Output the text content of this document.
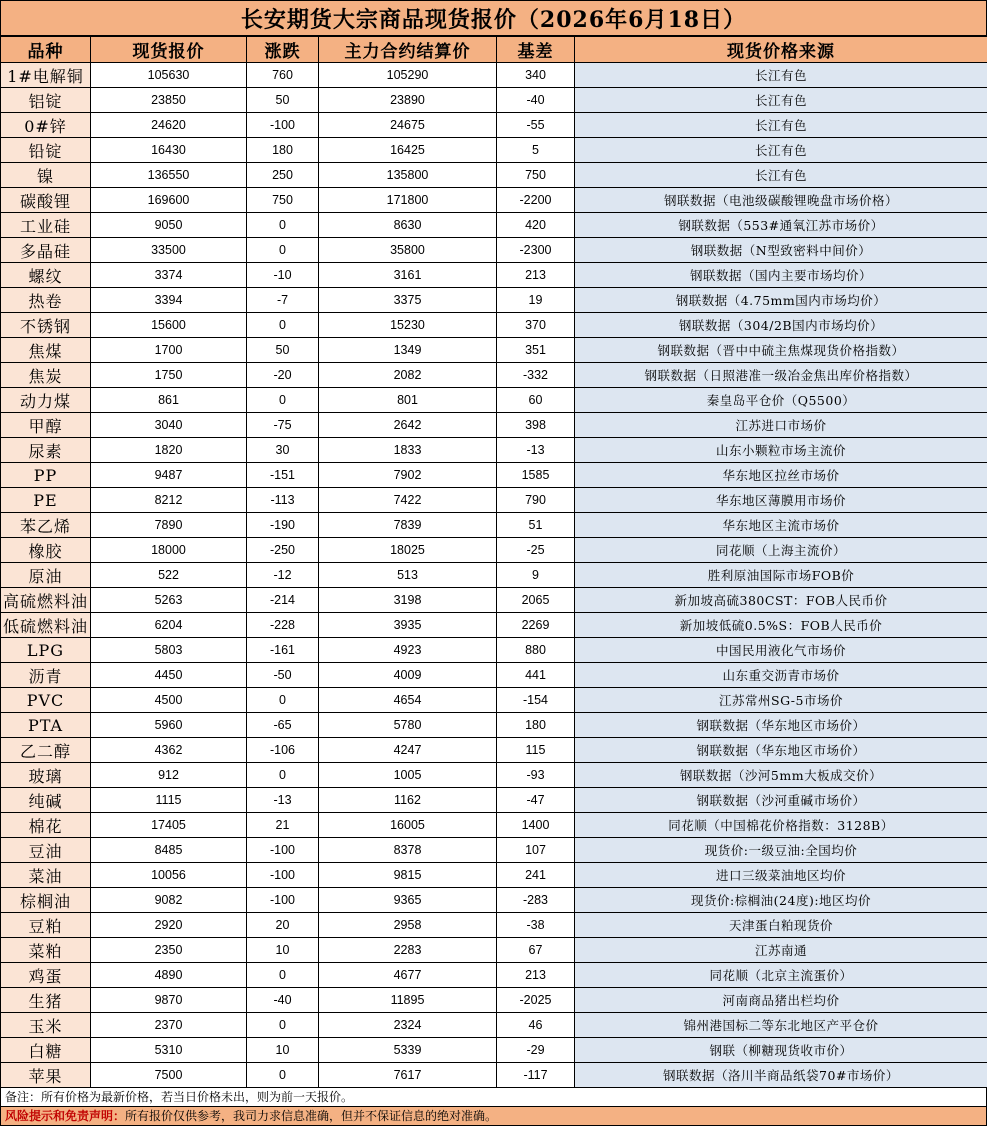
长安期货大宗商品现货报价（2026年6月18日）
品种	现货报价	涨跌	主力合约结算价	基差	现货价格来源
1#电解铜	105630	760	105290	340	长江有色
铝锭	23850	50	23890	-40	长江有色
0#锌	24620	-100	24675	-55	长江有色
铅锭	16430	180	16425	5	长江有色
镍	136550	250	135800	750	长江有色
碳酸锂	169600	750	171800	-2200	钢联数据（电池级碳酸锂晚盘市场价格）
工业硅	9050	0	8630	420	钢联数据（553#通氧江苏市场价）
多晶硅	33500	0	35800	-2300	钢联数据（N型致密料中间价）
螺纹	3374	-10	3161	213	钢联数据（国内主要市场均价）
热卷	3394	-7	3375	19	钢联数据（4.75mm国内市场均价）
不锈钢	15600	0	15230	370	钢联数据（304/2B国内市场均价）
焦煤	1700	50	1349	351	钢联数据（晋中中硫主焦煤现货价格指数）
焦炭	1750	-20	2082	-332	钢联数据（日照港准一级冶金焦出库价格指数）
动力煤	861	0	801	60	秦皇岛平仓价（Q5500）
甲醇	3040	-75	2642	398	江苏进口市场价
尿素	1820	30	1833	-13	山东小颗粒市场主流价
PP	9487	-151	7902	1585	华东地区拉丝市场价
PE	8212	-113	7422	790	华东地区薄膜用市场价
苯乙烯	7890	-190	7839	51	华东地区主流市场价
橡胶	18000	-250	18025	-25	同花顺（上海主流价）
原油	522	-12	513	9	胜利原油国际市场FOB价
高硫燃料油	5263	-214	3198	2065	新加坡高硫380CST：FOB人民币价
低硫燃料油	6204	-228	3935	2269	新加坡低硫0.5%S：FOB人民币价
LPG	5803	-161	4923	880	中国民用液化气市场价
沥青	4450	-50	4009	441	山东重交沥青市场价
PVC	4500	0	4654	-154	江苏常州SG-5市场价
PTA	5960	-65	5780	180	钢联数据（华东地区市场价）
乙二醇	4362	-106	4247	115	钢联数据（华东地区市场价）
玻璃	912	0	1005	-93	钢联数据（沙河5mm大板成交价）
纯碱	1115	-13	1162	-47	钢联数据（沙河重碱市场价）
棉花	17405	21	16005	1400	同花顺（中国棉花价格指数：3128B）
豆油	8485	-100	8378	107	现货价:一级豆油:全国均价
菜油	10056	-100	9815	241	进口三级菜油地区均价
棕榈油	9082	-100	9365	-283	现货价:棕榈油(24度):地区均价
豆粕	2920	20	2958	-38	天津蛋白粕现货价
菜粕	2350	10	2283	67	江苏南通
鸡蛋	4890	0	4677	213	同花顺（北京主流蛋价）
生猪	9870	-40	11895	-2025	河南商品猪出栏均价
玉米	2370	0	2324	46	锦州港国标二等东北地区产平仓价
白糖	5310	10	5339	-29	钢联（柳糖现货收市价）
苹果	7500	0	7617	-117	钢联数据（洛川半商品纸袋70#市场价）
备注：所有价格为最新价格，若当日价格未出，则为前一天报价。
风险提示和免责声明：所有报价仅供参考，我司力求信息准确，但并不保证信息的绝对准确。
